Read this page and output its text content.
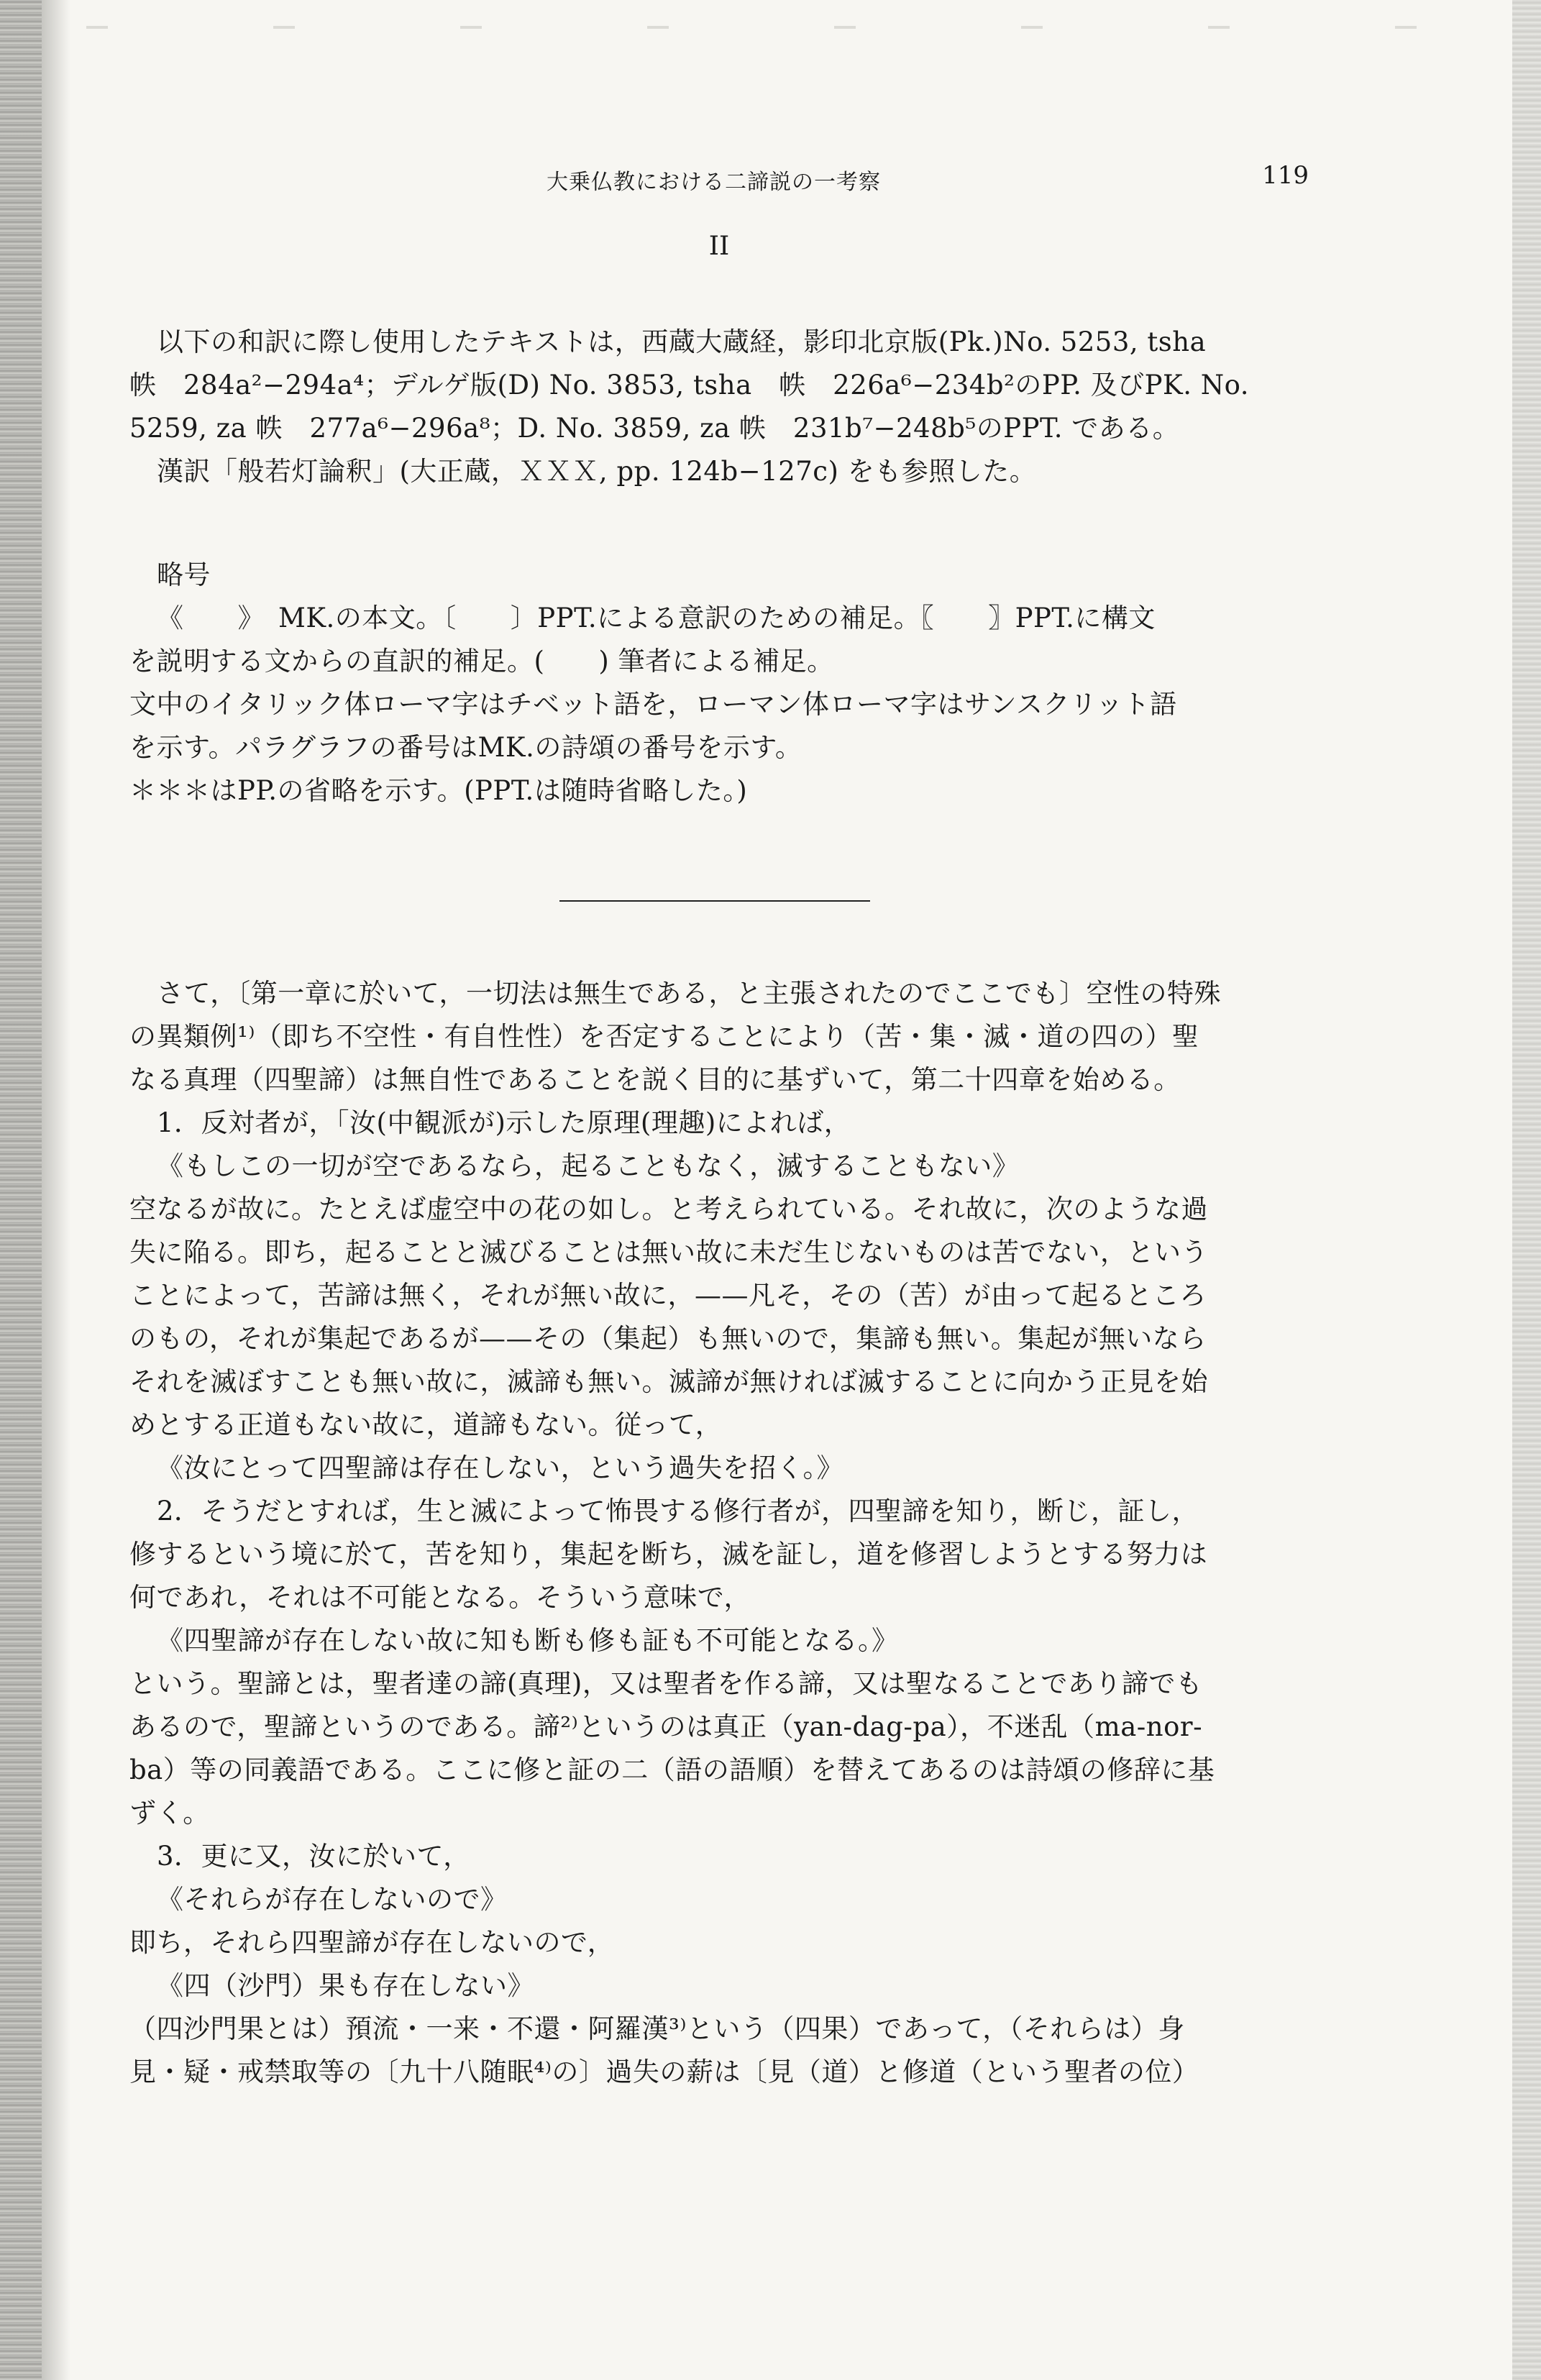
大乗仏教における二諦説の一考察	119
II
以下の和訳に際し使用したテキストは，西蔵大蔵経，影印北京版(Pk.)No. 5253, tsha
帙　284a²−294a⁴；デルゲ版(D) No. 3853, tsha　帙　226a⁶−234b²のPP. 及びPK. No.
5259, za 帙　277a⁶−296a⁸；D. No. 3859, za 帙　231b⁷−248b⁵のPPT. である。
漢訳「般若灯論釈」(大正蔵，ＸＸＸ, pp. 124b−127c) をも参照した。
略号
《　　》　MK.の本文。〔　　〕PPT.による意訳のための補足。〖　　〗PPT.に構文
を説明する文からの直訳的補足。(　　) 筆者による補足。
文中のイタリック体ローマ字はチベット語を，ローマン体ローマ字はサンスクリット語
を示す。パラグラフの番号はMK.の詩頌の番号を示す。
＊＊＊はPP.の省略を示す。(PPT.は随時省略した。)
さて，〔第一章に於いて，一切法は無生である，と主張されたのでここでも〕空性の特殊
の異類例¹⁾（即ち不空性・有自性性）を否定することにより（苦・集・滅・道の四の）聖
なる真理（四聖諦）は無自性であることを説く目的に基ずいて，第二十四章を始める。
1．反対者が，「汝(中観派が)示した原理(理趣)によれば，
《もしこの一切が空であるなら，起ることもなく，滅することもない》
空なるが故に。たとえば虚空中の花の如し。と考えられている。それ故に，次のような過
失に陥る。即ち，起ることと滅びることは無い故に未だ生じないものは苦でない，という
ことによって，苦諦は無く，それが無い故に，——凡そ，その（苦）が由って起るところ
のもの，それが集起であるが——その（集起）も無いので，集諦も無い。集起が無いなら
それを滅ぼすことも無い故に，滅諦も無い。滅諦が無ければ滅することに向かう正見を始
めとする正道もない故に，道諦もない。従って，
《汝にとって四聖諦は存在しない，という過失を招く。》
2．そうだとすれば，生と滅によって怖畏する修行者が，四聖諦を知り，断じ，証し，
修するという境に於て，苦を知り，集起を断ち，滅を証し，道を修習しようとする努力は
何であれ，それは不可能となる。そういう意味で，
《四聖諦が存在しない故に知も断も修も証も不可能となる。》
という。聖諦とは，聖者達の諦(真理)，又は聖者を作る諦，又は聖なることであり諦でも
あるので，聖諦というのである。諦²⁾というのは真正（yan-dag-pa），不迷乱（ma-nor-
ba）等の同義語である。ここに修と証の二（語の語順）を替えてあるのは詩頌の修辞に基
ずく。
3．更に又，汝に於いて，
《それらが存在しないので》
即ち，それら四聖諦が存在しないので，
《四（沙門）果も存在しない》
（四沙門果とは）預流・一来・不還・阿羅漢³⁾という（四果）であって，（それらは）身
見・疑・戒禁取等の〔九十八随眠⁴⁾の〕過失の薪は〔見（道）と修道（という聖者の位）
